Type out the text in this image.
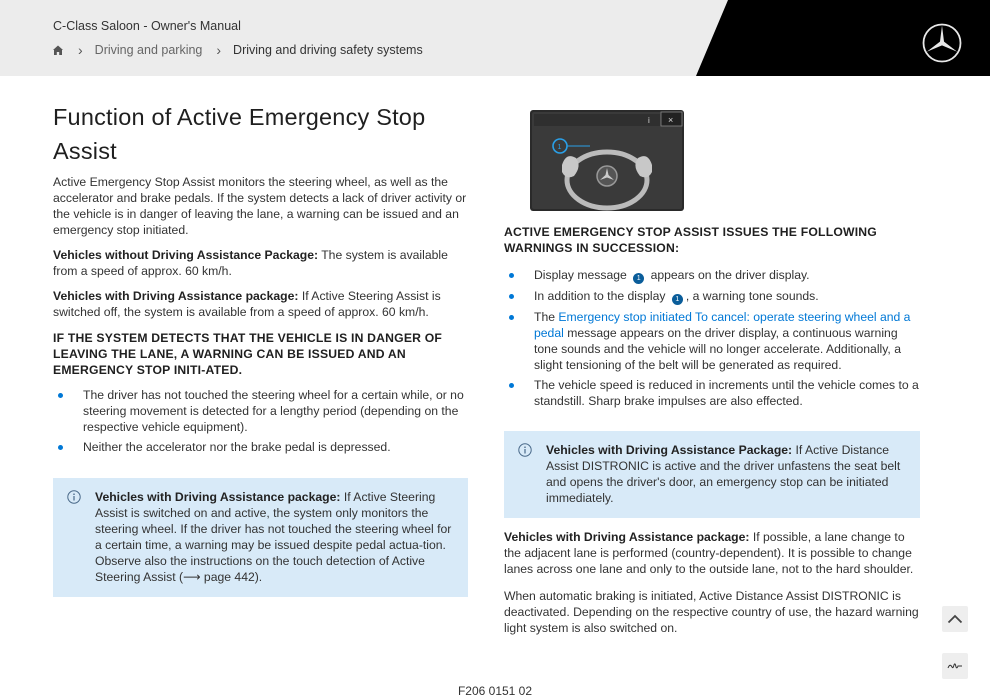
C-Class Saloon - Owner's Manual
› Driving and parking › Driving and driving safety systems
Function of Active Emergency Stop Assist

Active Emergency Stop Assist monitors the steering wheel, as well as the accelerator and brake pedals. If the system detects a lack of driver activity or the vehicle is in danger of leaving the lane, a warning can be issued and an emergency stop initiated.

Vehicles without Driving Assistance Package: The system is available from a speed of approx. 60 km/h.

Vehicles with Driving Assistance package: If Active Steering Assist is switched off, the system is available from a speed of approx. 60 km/h.

IF THE SYSTEM DETECTS THAT THE VEHICLE IS IN DANGER OF LEAVING THE LANE, A WARNING CAN BE ISSUED AND AN EMERGENCY STOP INITI-ATED.
The driver has not touched the steering wheel for a certain while, or no steering movement is detected for a lengthy period (depending on the respective vehicle equipment).
Neither the accelerator nor the brake pedal is depressed.

Vehicles with Driving Assistance package: If Active Steering Assist is switched on and active, the system only monitors the steering wheel. If the driver has not touched the steering wheel for a certain time, a warning may be issued despite pedal actua-tion.

Observe also the instructions on the touch detection of Active Steering Assist (⟶ page 442).

i ×
1
ACTIVE EMERGENCY STOP ASSIST ISSUES THE FOLLOWING WARNINGS IN SUCCESSION:
Display message 1 appears on the driver display.
In addition to the display 1 , a warning tone sounds.
The Emergency stop initiated To cancel: operate steering wheel and a pedal message appears on the driver display, a continuous warning tone sounds and the vehicle will no longer accelerate. Additionally, a slight tensioning of the belt will be generated as required.
The vehicle speed is reduced in increments until the vehicle comes to a standstill. Sharp brake impulses are also effected.

Vehicles with Driving Assistance Package: If Active Distance Assist DISTRONIC is active and the driver unfastens the seat belt and opens the driver's door, an emergency stop can be initiated immediately.

Vehicles with Driving Assistance package: If possible, a lane change to the adjacent lane is performed (country-dependent). It is possible to change lanes across one lane and only to the outside lane, not to the hard shoulder.

When automatic braking is initiated, Active Distance Assist DISTRONIC is deactivated. Depending on the respective country of use, the hazard warning light system is also switched on.

F206 0151 02
